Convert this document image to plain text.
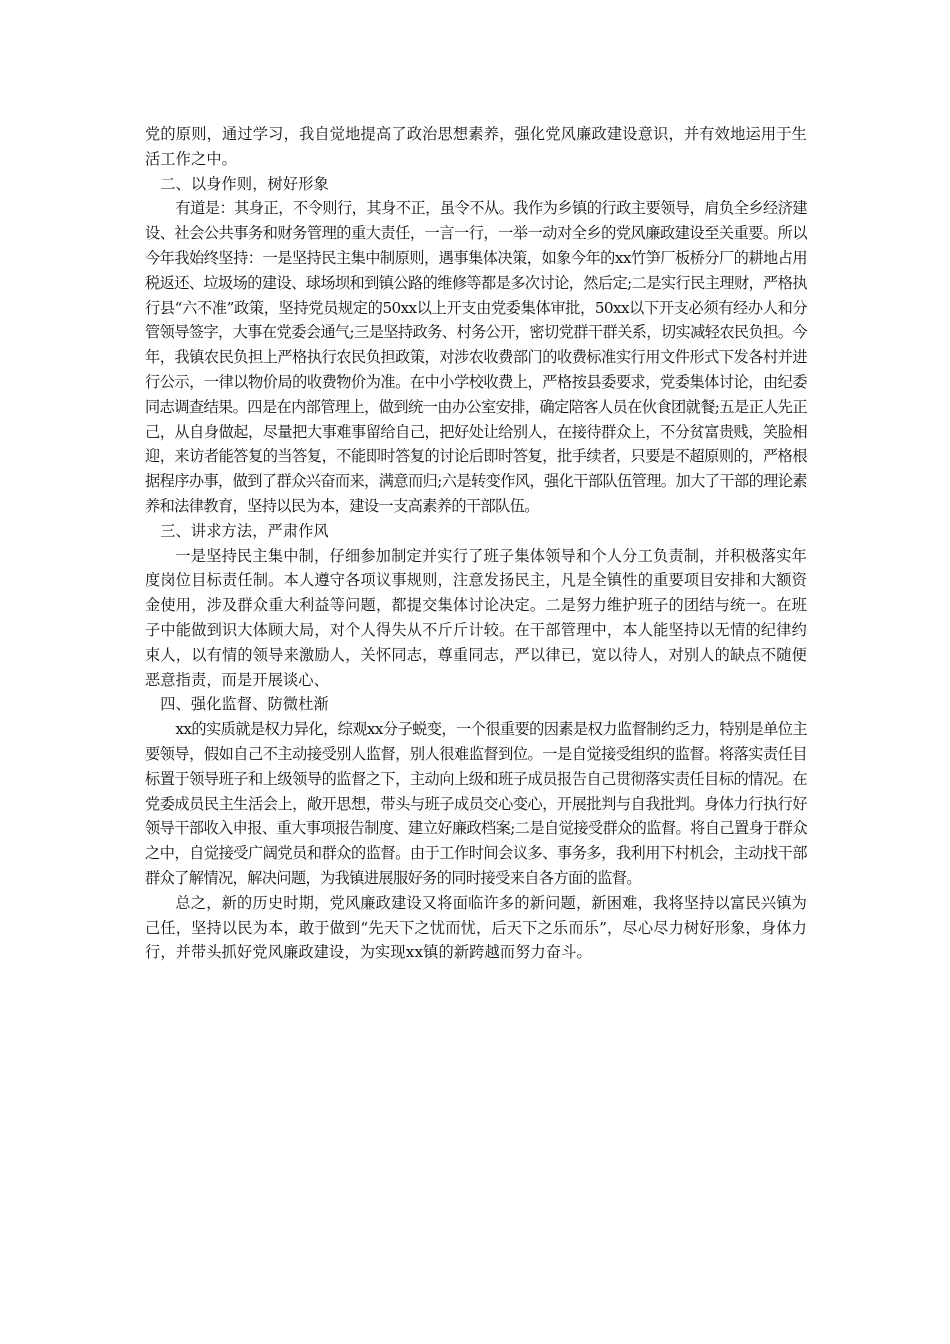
党的原则，通过学习，我自觉地提高了政治思想素养，强化党风廉政建设意识，并有效地运用于生活工作之中。

二、以身作则，树好形象

有道是：其身正，不令则行，其身不正，虽令不从。我作为乡镇的行政主要领导，肩负全乡经济建设、社会公共事务和财务管理的重大责任，一言一行，一举一动对全乡的党风廉政建设至关重要。所以今年我始终坚持：一是坚持民主集中制原则，遇事集体决策，如象今年的xx竹笋厂板桥分厂的耕地占用税返还、垃圾场的建设、球场坝和到镇公路的维修等都是多次讨论，然后定;二是实行民主理财，严格执行县“六不准”政策，坚持党员规定的50xx以上开支由党委集体审批，50xx以下开支必须有经办人和分管领导签字，大事在党委会通气;三是坚持政务、村务公开，密切党群干群关系，切实减轻农民负担。今年，我镇农民负担上严格执行农民负担政策，对涉农收费部门的收费标准实行用文件形式下发各村并进行公示，一律以物价局的收费物价为准。在中小学校收费上，严格按县委要求，党委集体讨论，由纪委同志调查结果。四是在内部管理上，做到统一由办公室安排，确定陪客人员在伙食团就餐;五是正人先正己，从自身做起，尽量把大事难事留给自己，把好处让给别人，在接待群众上，不分贫富贵贱，笑脸相迎，来访者能答复的当答复，不能即时答复的讨论后即时答复，批手续者，只要是不超原则的，严格根据程序办事，做到了群众兴奋而来，满意而归;六是转变作风，强化干部队伍管理。加大了干部的理论素养和法律教育，坚持以民为本，建设一支高素养的干部队伍。

三、讲求方法，严肃作风

一是坚持民主集中制，仔细参加制定并实行了班子集体领导和个人分工负责制，并积极落实年度岗位目标责任制。本人遵守各项议事规则，注意发扬民主，凡是全镇性的重要项目安排和大额资金使用，涉及群众重大利益等问题，都提交集体讨论决定。二是努力维护班子的团结与统一。在班子中能做到识大体顾大局，对个人得失从不斤斤计较。在干部管理中，本人能坚持以无情的纪律约束人，以有情的领导来激励人，关怀同志，尊重同志，严以律已，宽以待人，对别人的缺点不随便恶意指责，而是开展谈心、

四、强化监督、防微杜渐

xx的实质就是权力异化，综观xx分子蜕变，一个很重要的因素是权力监督制约乏力，特别是单位主要领导，假如自己不主动接受别人监督，别人很难监督到位。一是自觉接受组织的监督。将落实责任目标置于领导班子和上级领导的监督之下，主动向上级和班子成员报告自己贯彻落实责任目标的情况。在党委成员民主生活会上，敞开思想，带头与班子成员交心变心，开展批判与自我批判。身体力行执行好领导干部收入申报、重大事项报告制度、建立好廉政档案;二是自觉接受群众的监督。将自己置身于群众之中，自觉接受广阔党员和群众的监督。由于工作时间会议多、事务多，我利用下村机会，主动找干部群众了解情况，解决问题，为我镇进展服好务的同时接受来自各方面的监督。

总之，新的历史时期，党风廉政建设又将面临许多的新问题，新困难，我将坚持以富民兴镇为己任，坚持以民为本，敢于做到“先天下之忧而忧，后天下之乐而乐”，尽心尽力树好形象，身体力行，并带头抓好党风廉政建设，为实现xx镇的新跨越而努力奋斗。
